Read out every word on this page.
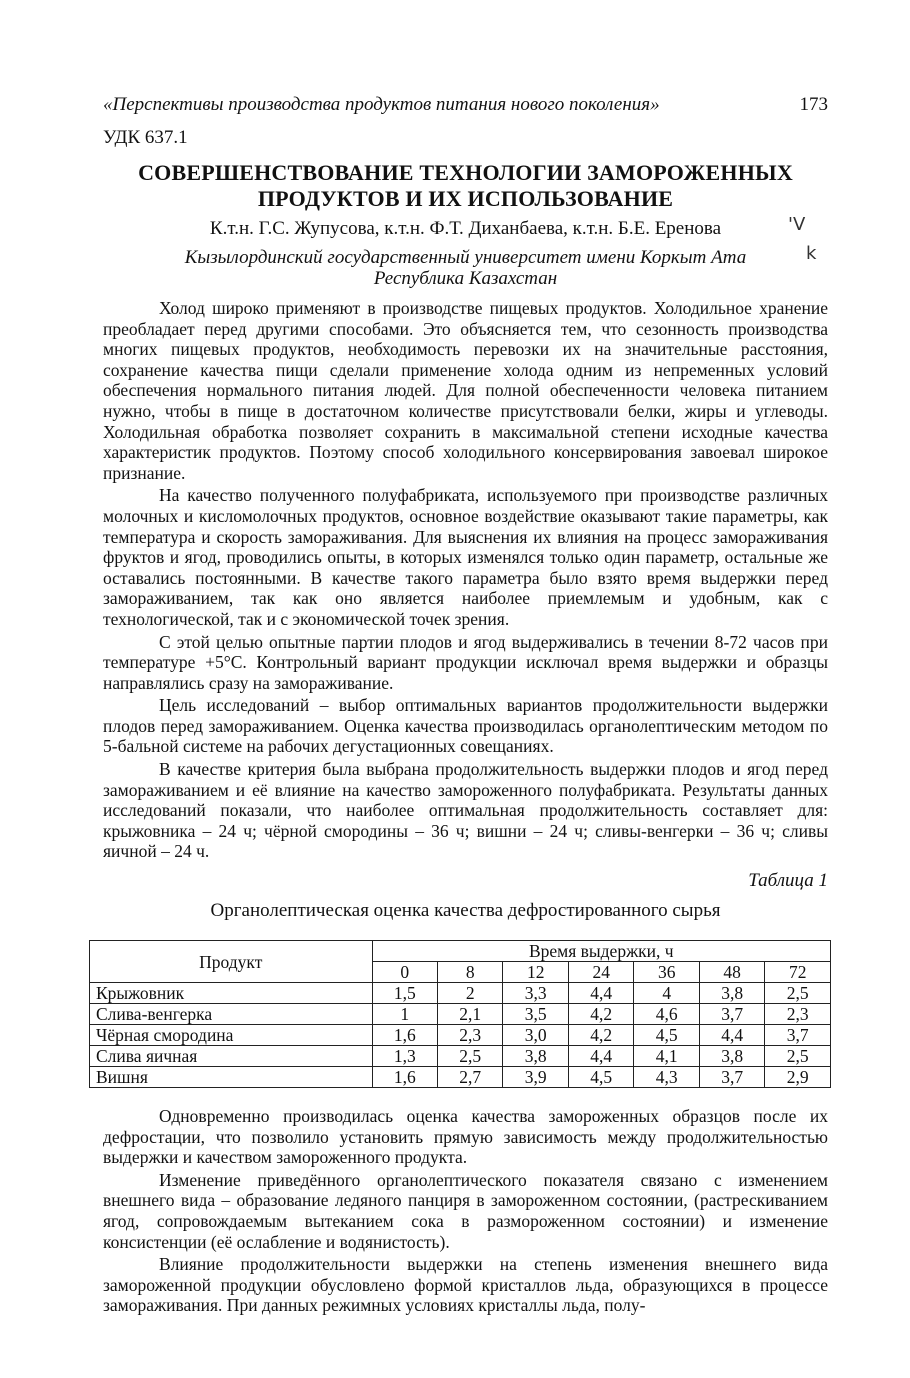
«Перспективы производства продуктов питания нового поколения»	173
УДК 637.1
СОВЕРШЕНСТВОВАНИЕ ТЕХНОЛОГИИ ЗАМОРОЖЕННЫХ
ПРОДУКТОВ И ИХ ИСПОЛЬЗОВАНИЕ
К.т.н. Г.С. Жупусова, к.т.н. Ф.Т. Диханбаева, к.т.н. Б.Е. Еренова
Кызылординский государственный университет имени Коркыт Ата
Республика Казахстан
'V
k

Холод широко применяют в производстве пищевых продуктов. Холодильное хранение преобладает перед другими способами. Это объясняется тем, что сезонность производства многих пищевых продуктов, необходимость перевозки их на значительные расстояния, сохранение качества пищи сделали применение холода одним из непременных условий обеспечения нормального питания людей. Для полной обеспеченности человека питанием нужно, чтобы в пище в достаточном количестве присутствовали белки, жиры и углеводы. Холодильная обработка позволяет сохранить в максимальной степени исходные качества характеристик продуктов. Поэтому способ холодильного консервирования завоевал широкое признание.

На качество полученного полуфабриката, используемого при производстве различных молочных и кисломолочных продуктов, основное воздействие оказывают такие параметры, как температура и скорость замораживания. Для выяснения их влияния на процесс замораживания фруктов и ягод, проводились опыты, в которых изменялся только один параметр, остальные же оставались постоянными. В качестве такого параметра было взято время выдержки перед замораживанием, так как оно является наиболее приемлемым и удобным, как с технологической, так и с экономической точек зрения.

С этой целью опытные партии плодов и ягод выдерживались в течении 8-72 часов при температуре +5°С. Контрольный вариант продукции исключал время выдержки и образцы направлялись сразу на замораживание.

Цель исследований – выбор оптимальных вариантов продолжительности выдержки плодов перед замораживанием. Оценка качества производилась органолептическим методом по 5-бальной системе на рабочих дегустационных совещаниях.

В качестве критерия была выбрана продолжительность выдержки плодов и ягод перед замораживанием и её влияние на качество замороженного полуфабриката. Результаты данных исследований показали, что наиболее оптимальная продолжительность составляет для: крыжовника – 24 ч; чёрной смородины – 36 ч; вишни – 24 ч; сливы-венгерки – 36 ч; сливы яичной – 24 ч.

Таблица 1
Органолептическая оценка качества дефростированного сырья
Продукт	Время выдержки, ч						
	0	8	12	24	36	48	72
Крыжовник	1,5	2	3,3	4,4	4	3,8	2,5
Слива-венгерка	1	2,1	3,5	4,2	4,6	3,7	2,3
Чёрная смородина	1,6	2,3	3,0	4,2	4,5	4,4	3,7
Слива яичная	1,3	2,5	3,8	4,4	4,1	3,8	2,5
Вишня	1,6	2,7	3,9	4,5	4,3	3,7	2,9

Одновременно производилась оценка качества замороженных образцов после их дефростации, что позволило установить прямую зависимость между продолжительностью выдержки и качеством замороженного продукта.

Изменение приведённого органолептического показателя связано с изменением внешнего вида – образование ледяного панциря в замороженном состоянии, (растрескиванием ягод, сопровождаемым вытеканием сока в размороженном состоянии) и изменение консистенции (её ослабление и водянистость).

Влияние продолжительности выдержки на степень изменения внешнего вида замороженной продукции обусловлено формой кристаллов льда, образующихся в процессе замораживания. При данных режимных условиях кристаллы льда, полу-
